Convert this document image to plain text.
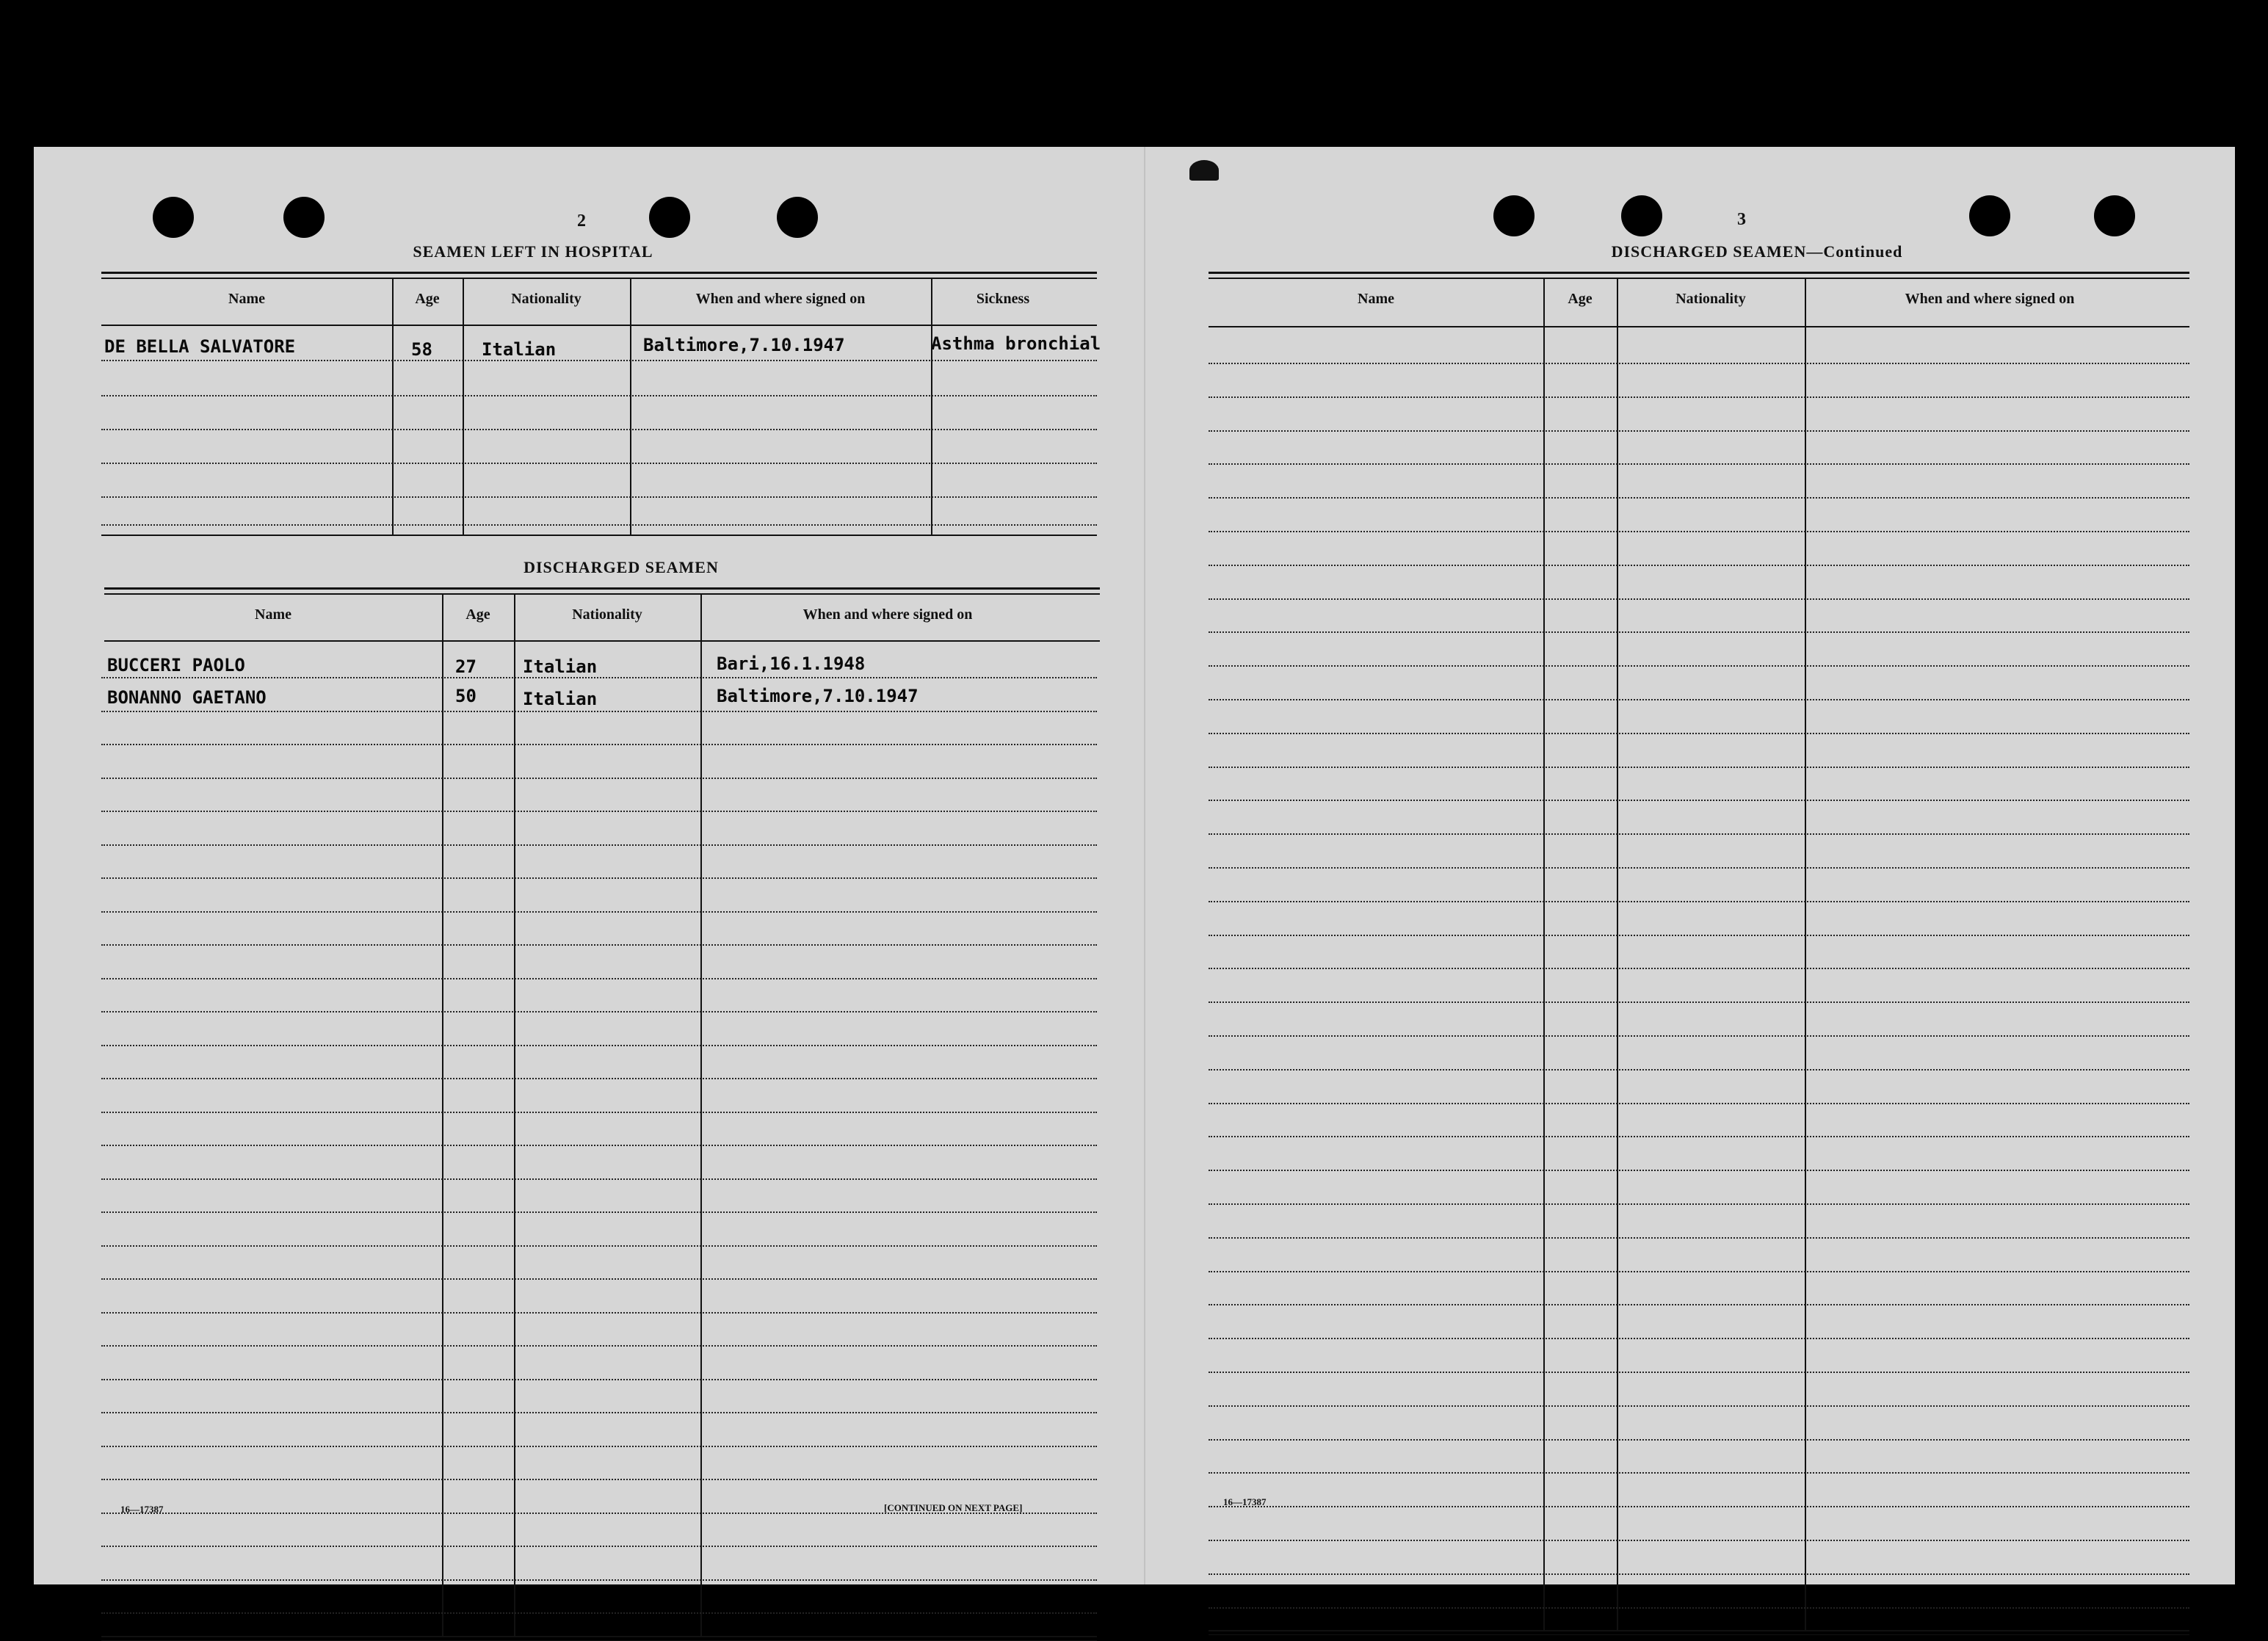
2
SEAMEN LEFT IN HOSPITAL
Name	Age	Nationality	When and where signed on	Sickness
DE BELLA SALVATORE	58	Italian	Baltimore,7.10.1947	Asthma bronchial
DISCHARGED SEAMEN
Name	Age	Nationality	When and where signed on
BUCCERI PAOLO	27	Italian	Bari,16.1.1948
BONANNO GAETANO	50	Italian	Baltimore,7.10.1947
16—17387	[CONTINUED ON NEXT PAGE]
3
DISCHARGED SEAMEN—Continued
Name	Age	Nationality	When and where signed on
16—17387
